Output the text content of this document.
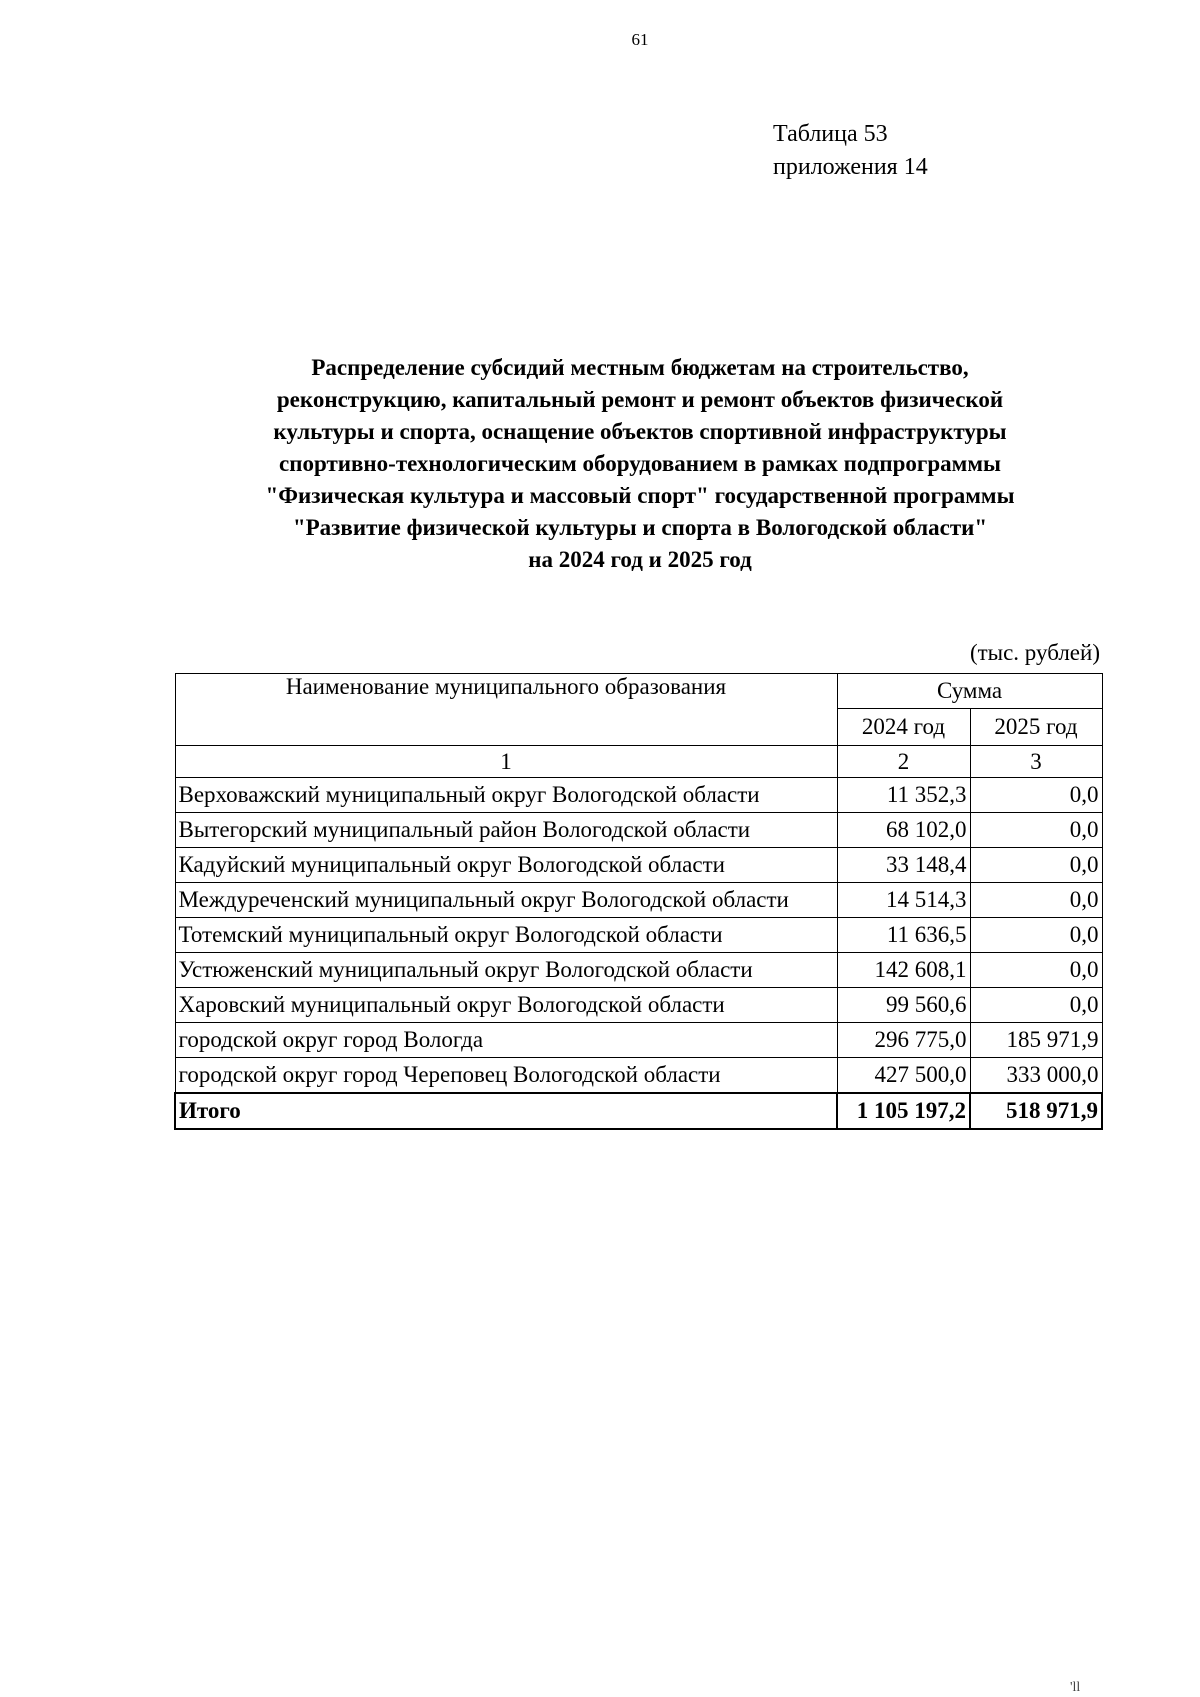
61
Таблица 53
приложения 14
Распределение субсидий местным бюджетам на строительство,
реконструкцию, капитальный ремонт и ремонт объектов физической
культуры и спорта, оснащение объектов спортивной инфраструктуры
спортивно-технологическим оборудованием в рамках подпрограммы
"Физическая культура и массовый спорт" государственной программы
"Развитие физической культуры и спорта в Вологодской области"
на 2024 год и 2025 год
(тыс. рублей)
Наименование муниципального образования	Сумма	
	2024 год	2025 год
1	2	3
Верховажский муниципальный округ Вологодской области	11 352,3	0,0
Вытегорский муниципальный район Вологодской области	68 102,0	0,0
Кадуйский муниципальный округ Вологодской области	33 148,4	0,0
Междуреченский муниципальный округ Вологодской области	14 514,3	0,0
Тотемский муниципальный округ Вологодской области	11 636,5	0,0
Устюженский муниципальный округ Вологодской области	142 608,1	0,0
Харовский муниципальный округ Вологодской области	99 560,6	0,0
городской округ город Вологда	296 775,0	185 971,9
городской округ город Череповец Вологодской области	427 500,0	333 000,0
Итого	1 105 197,2	518 971,9
'll
